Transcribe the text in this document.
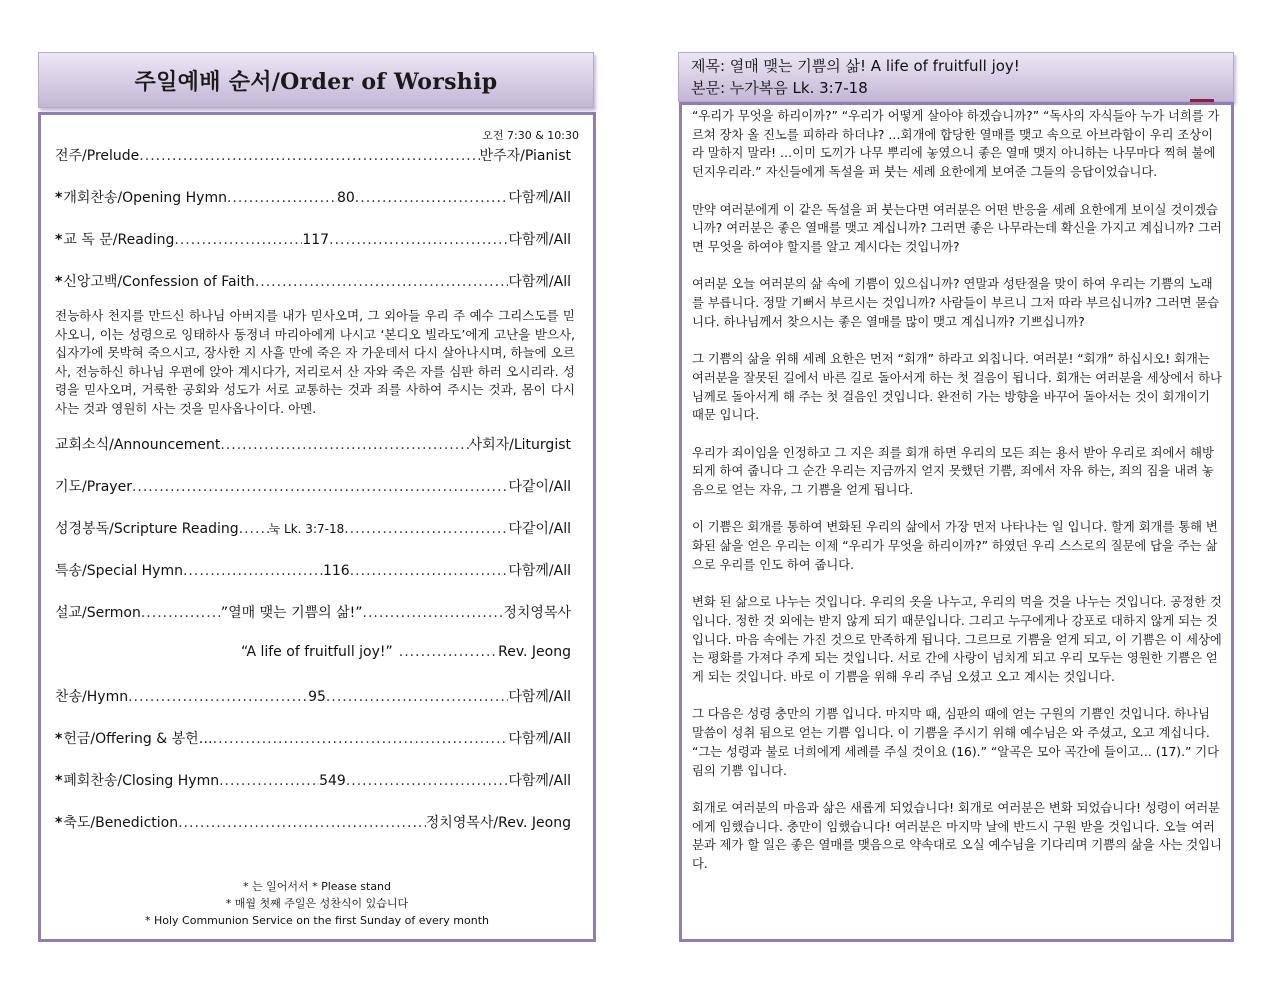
주일예배 순서/Order of Worship
오전 7:30 & 10:30
전주/Prelude .....	반주자/Pianist
* 개회찬송/Opening Hymn .....	80 .....	다함께/All
* 교 독 문/Reading .....	117 .....	다함께/All
* 신앙고백/Confession of Faith .....	다함께/All

전능하사 천지를 만드신 하나님 아버지를 내가 믿사오며, 그 외아들 우리 주 예수 그리스도를 믿사오니, 이는 성령으로 잉태하사 동정녀 마리아에게 나시고 ‘본디오 빌라도’에게 고난을 받으사, 십자가에 못박혀 죽으시고, 장사한 지 사흘 만에 죽은 자 가운데서 다시 살아나시며, 하늘에 오르사, 전능하신 하나님 우편에 앉아 계시다가, 저리로서 산 자와 죽은 자를 심판 하러 오시리라. 성령을 믿사오며, 거룩한 공회와 성도가 서로 교통하는 것과 죄를 사하여 주시는 것과, 몸이 다시 사는 것과 영원히 사는 것을 믿사옵나이다. 아멘.

교회소식/Announcement .....	사회자/Liturgist
기도/Prayer .....	다같이/All
성경봉독/Scripture Reading .....	눅 Lk. 3:7-18 .....	다같이/All
특송/Special Hymn .....	116 .....	다함께/All
설교/Sermon .....	”열매 맺는 기쁨의 삶!” .....	정치영목사
“A life of fruitfull joy!” .....	Rev. Jeong
찬송/Hymn .....	95 .....	다함께/All
* 헌금/Offering & 봉헌… .....	다함께/All
* 폐회찬송/Closing Hymn .....	549 .....	다함께/All
* 축도/Benediction .....	정치영목사/Rev. Jeong
* 는 일어서서 * Please stand
* 매월 첫째 주일은 성찬식이 있습니다
* Holy Communion Service on the first Sunday of every month
제목: 열매 맺는 기쁨의 삶! A life of fruitfull joy!
본문: 누가복음 Lk. 3:7-18

“우리가 무엇을 하리이까?” “우리가 어떻게 살아야 하겠습니까?” “독사의 자식들아 누가 너희를 가르쳐 장차 올 진노를 피하라 하더냐? …회개에 합당한 열매를 맺고 속으로 아브라함이 우리 조상이라 말하지 말라! …이미 도끼가 나무 뿌리에 놓였으니 좋은 열매 맺지 아니하는 나무마다 찍혀 불에 던지우리라.” 자신들에게 독설을 퍼 붓는 세례 요한에게 보여준 그들의 응답이었습니다.

만약 여러분에게 이 같은 독설을 퍼 붓는다면 여러분은 어떤 반응을 세례 요한에게 보이실 것이겠습니까? 여러분은 좋은 열매를 맺고 계십니까? 그러면 좋은 나무라는데 확신을 가지고 계십니까? 그러면 무엇을 하여야 할지를 알고 계시다는 것입니까?

여러분 오늘 여러분의 삶 속에 기쁨이 있으십니까? 연말과 성탄절을 맞이 하여 우리는 기쁨의 노래를 부릅니다. 정말 기뻐서 부르시는 것입니까? 사람들이 부르니 그저 따라 부르십니까? 그러면 묻습니다. 하나님께서 찾으시는 좋은 열매를 많이 맺고 계십니까? 기쁘십니까?

그 기쁨의 삶을 위해 세례 요한은 먼저 “회개” 하라고 외칩니다. 여러분! “회개” 하십시오! 회개는 여러분을 잘못된 길에서 바른 길로 돌아서게 하는 첫 걸음이 됩니다. 회개는 여러분을 세상에서 하나님께로 돌아서게 해 주는 첫 걸음인 것입니다. 완전히 가는 방향을 바꾸어 돌아서는 것이 회개이기 때문 입니다.

우리가 죄이임을 인정하고 그 지은 죄를 회개 하면 우리의 모든 죄는 용서 받아 우리로 죄에서 해방 되게 하여 줍니다 그 순간 우리는 지금까지 얻지 못했던 기쁨, 죄에서 자유 하는, 죄의 짐을 내려 놓음으로 얻는 자유, 그 기쁨을 얻게 됩니다.

이 기쁨은 회개를 통하여 변화된 우리의 삶에서 가장 먼저 나타나는 일 입니다. 할게 회개를 통해 변화된 삶을 얻은 우리는 이제 “우리가 무엇을 하리이까?” 하였던 우리 스스로의 질문에 답을 주는 삶으로 우리를 인도 하여 줍니다.

변화 된 삶으로 나누는 것입니다. 우리의 옷을 나누고, 우리의 먹을 것을 나누는 것입니다. 공정한 것입니다. 정한 것 외에는 받지 않게 되기 때문입니다. 그리고 누구에게나 강포로 대하지 않게 되는 것입니다. 마음 속에는 가진 것으로 만족하게 됩니다. 그르므로 기쁨을 얻게 되고, 이 기쁨은 이 세상에는 평화를 가져다 주게 되는 것입니다. 서로 간에 사랑이 넘치게 되고 우리 모두는 영원한 기쁨은 얻게 되는 것입니다. 바로 이 기쁨을 위해 우리 주님 오셨고 오고 계시는 것입니다.

그 다음은 성령 충만의 기쁨 입니다. 마지막 때, 심판의 때에 얻는 구원의 기쁨인 것입니다. 하나님 말씀이 성취 됨으로 얻는 기쁨 입니다. 이 기쁨을 주시기 위해 예수님은 와 주셨고, 오고 계십니다. “그는 성령과 불로 너희에게 세례를 주실 것이요 (16).” “알곡은 모아 곡간에 들이고… (17).” 기다림의 기쁨 입니다.

회개로 여러분의 마음과 삶은 새롭게 되었습니다! 회개로 여러분은 변화 되었습니다! 성령이 여러분에게 임했습니다. 충만이 임했습니다! 여러분은 마지막 날에 반드시 구원 받을 것입니다. 오늘 여러분과 제가 할 일은 좋은 열매를 맺음으로 약속대로 오실 예수님을 기다리며 기쁨의 삶을 사는 것입니다.
